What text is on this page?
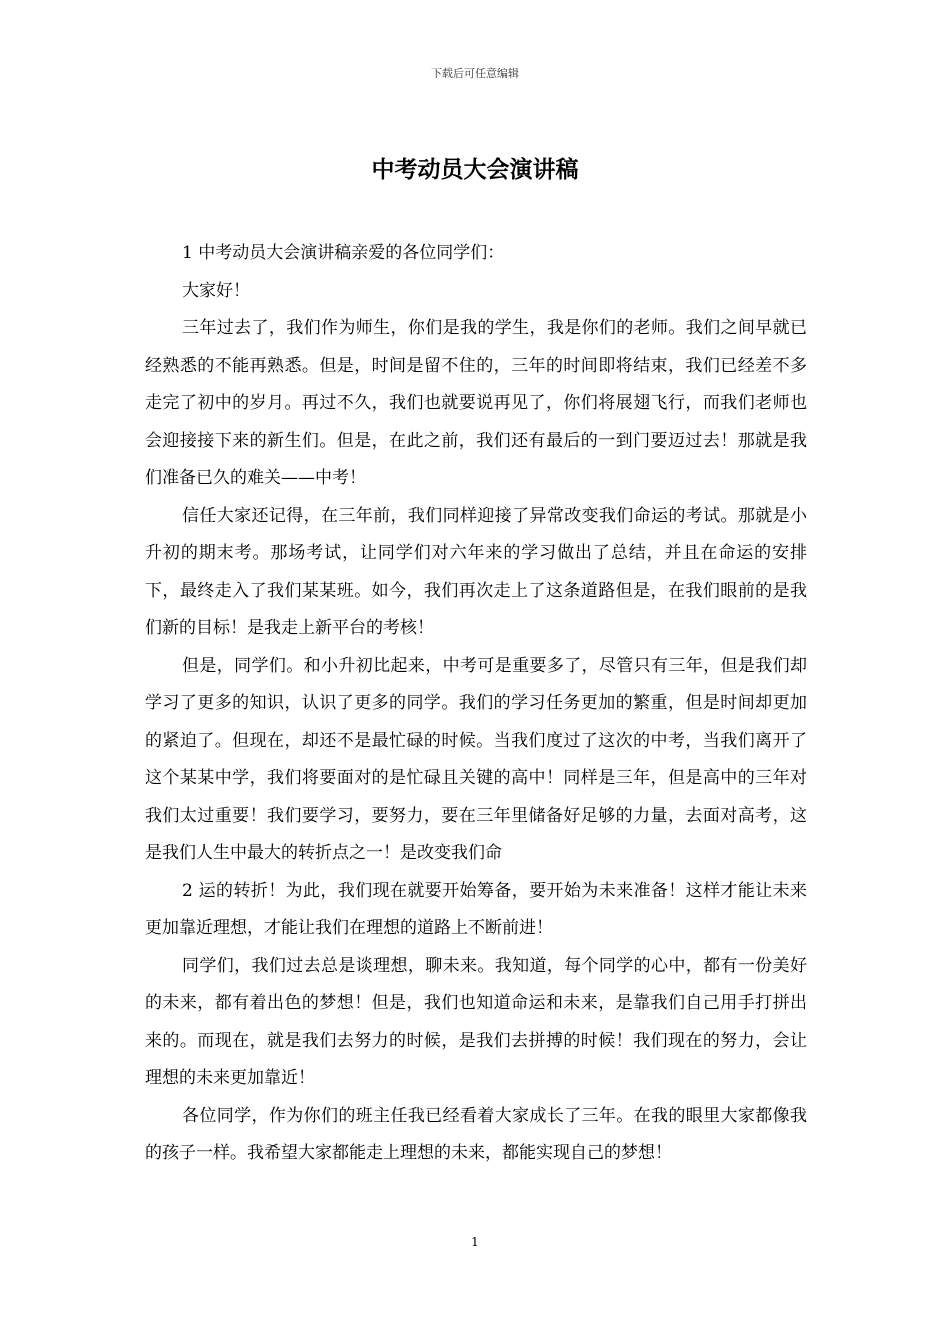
下载后可任意编辑
中考动员大会演讲稿

1 中考动员大会演讲稿亲爱的各位同学们：

大家好！

三年过去了，我们作为师生，你们是我的学生，我是你们的老师。我们之间早就已经熟悉的不能再熟悉。但是，时间是留不住的，三年的时间即将结束，我们已经差不多走完了初中的岁月。再过不久，我们也就要说再见了，你们将展翅飞行，而我们老师也会迎接接下来的新生们。但是，在此之前，我们还有最后的一到门要迈过去！那就是我们准备已久的难关——中考！

信任大家还记得，在三年前，我们同样迎接了异常改变我们命运的考试。那就是小升初的期末考。那场考试，让同学们对六年来的学习做出了总结，并且在命运的安排下，最终走入了我们某某班。如今，我们再次走上了这条道路但是，在我们眼前的是我们新的目标！是我走上新平台的考核！

但是，同学们。和小升初比起来，中考可是重要多了，尽管只有三年，但是我们却学习了更多的知识，认识了更多的同学。我们的学习任务更加的繁重，但是时间却更加的紧迫了。但现在，却还不是最忙碌的时候。当我们度过了这次的中考，当我们离开了这个某某中学，我们将要面对的是忙碌且关键的高中！同样是三年，但是高中的三年对我们太过重要！我们要学习，要努力，要在三年里储备好足够的力量，去面对高考，这是我们人生中最大的转折点之一！是改变我们命

2 运的转折！为此，我们现在就要开始筹备，要开始为未来准备！这样才能让未来更加靠近理想，才能让我们在理想的道路上不断前进！

同学们，我们过去总是谈理想，聊未来。我知道，每个同学的心中，都有一份美好的未来，都有着出色的梦想！但是，我们也知道命运和未来，是靠我们自己用手打拼出来的。而现在，就是我们去努力的时候，是我们去拼搏的时候！我们现在的努力，会让理想的未来更加靠近！

各位同学，作为你们的班主任我已经看着大家成长了三年。在我的眼里大家都像我的孩子一样。我希望大家都能走上理想的未来，都能实现自己的梦想！

1
